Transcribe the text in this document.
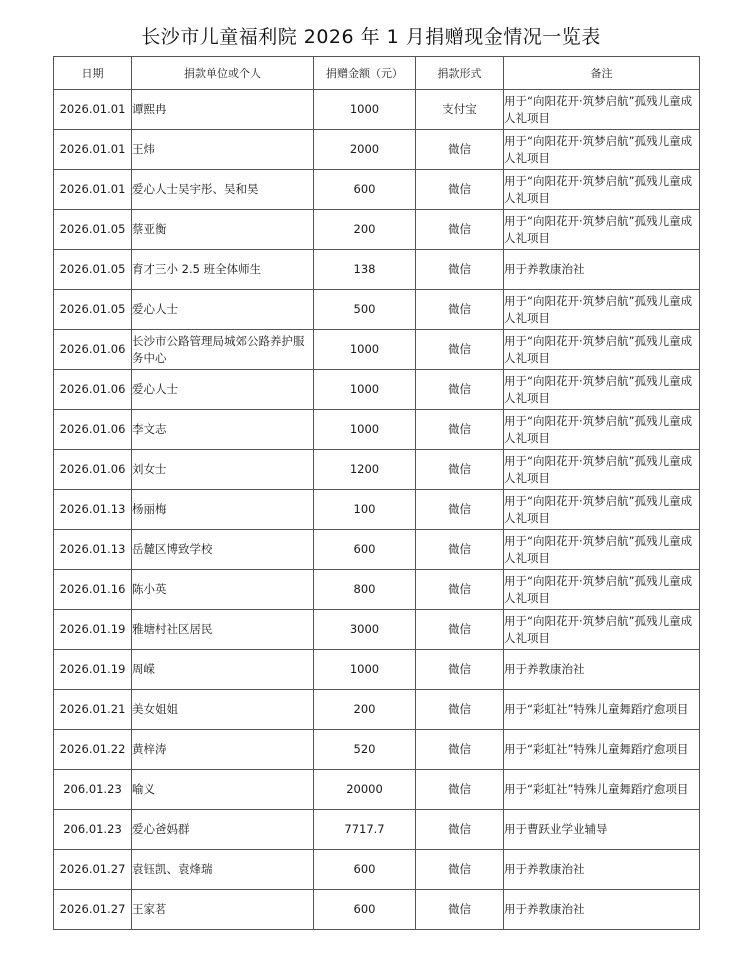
长沙市儿童福利院 2026 年 1 月捐赠现金情况一览表
日期	捐款单位或个人	捐赠金额（元）	捐款形式	备注
2026.01.01	谭熙冉	1000	支付宝	用于“向阳花开·筑梦启航”孤残儿童成人礼项目
2026.01.01	王炜	2000	微信	用于“向阳花开·筑梦启航”孤残儿童成人礼项目
2026.01.01	爱心人士吴宇彤、吴和昊	600	微信	用于“向阳花开·筑梦启航”孤残儿童成人礼项目
2026.01.05	蔡亚衡	200	微信	用于“向阳花开·筑梦启航”孤残儿童成人礼项目
2026.01.05	育才三小 2.5 班全体师生	138	微信	用于养教康治社
2026.01.05	爱心人士	500	微信	用于“向阳花开·筑梦启航”孤残儿童成人礼项目
2026.01.06	长沙市公路管理局城郊公路养护服务中心	1000	微信	用于“向阳花开·筑梦启航”孤残儿童成人礼项目
2026.01.06	爱心人士	1000	微信	用于“向阳花开·筑梦启航”孤残儿童成人礼项目
2026.01.06	李文志	1000	微信	用于“向阳花开·筑梦启航”孤残儿童成人礼项目
2026.01.06	刘女士	1200	微信	用于“向阳花开·筑梦启航”孤残儿童成人礼项目
2026.01.13	杨丽梅	100	微信	用于“向阳花开·筑梦启航”孤残儿童成人礼项目
2026.01.13	岳麓区博致学校	600	微信	用于“向阳花开·筑梦启航”孤残儿童成人礼项目
2026.01.16	陈小英	800	微信	用于“向阳花开·筑梦启航”孤残儿童成人礼项目
2026.01.19	雅塘村社区居民	3000	微信	用于“向阳花开·筑梦启航”孤残儿童成人礼项目
2026.01.19	周嵘	1000	微信	用于养教康治社
2026.01.21	美女姐姐	200	微信	用于“彩虹社”特殊儿童舞蹈疗愈项目
2026.01.22	黄梓涛	520	微信	用于“彩虹社”特殊儿童舞蹈疗愈项目
206.01.23	喻义	20000	微信	用于“彩虹社”特殊儿童舞蹈疗愈项目
206.01.23	爱心爸妈群	7717.7	微信	用于曹跃业学业辅导
2026.01.27	袁钰凯、袁烽瑞	600	微信	用于养教康治社
2026.01.27	王家茗	600	微信	用于养教康治社
